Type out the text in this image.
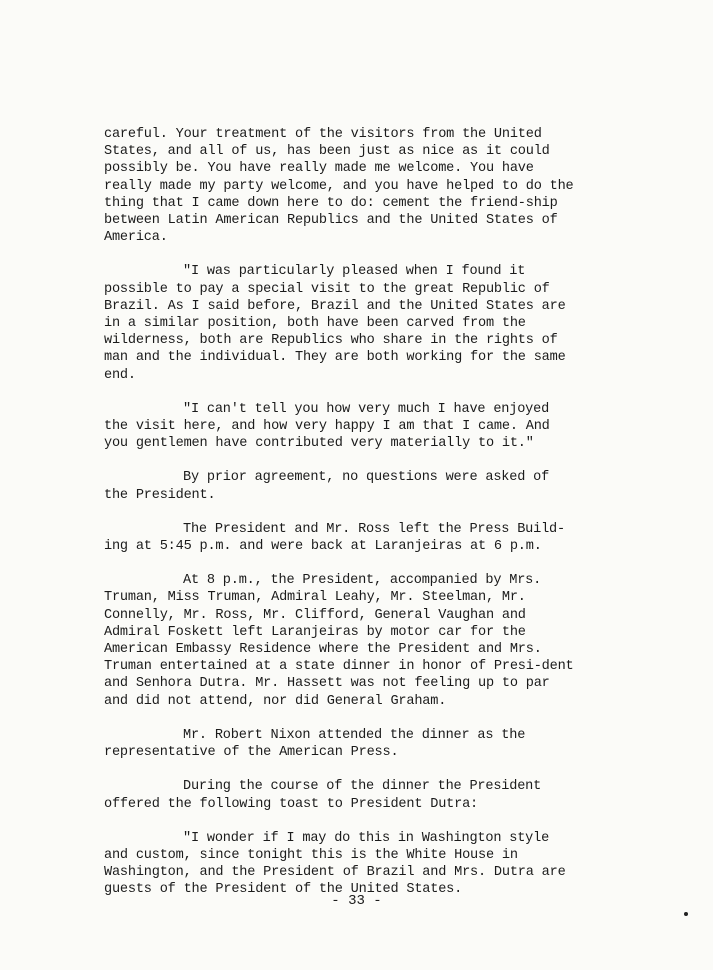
careful. Your treatment of the visitors from the United States, and all of us, has been just as nice as it could possibly be. You have really made me welcome. You have really made my party welcome, and you have helped to do the thing that I came down here to do: cement the friend-ship between Latin American Republics and the United States of America.

"I was particularly pleased when I found it possible to pay a special visit to the great Republic of Brazil. As I said before, Brazil and the United States are in a similar position, both have been carved from the wilderness, both are Republics who share in the rights of man and the individual. They are both working for the same end.

"I can't tell you how very much I have enjoyed the visit here, and how very happy I am that I came. And you gentlemen have contributed very materially to it."

By prior agreement, no questions were asked of the President.

The President and Mr. Ross left the Press Build-ing at 5:45 p.m. and were back at Laranjeiras at 6 p.m.

At 8 p.m., the President, accompanied by Mrs. Truman, Miss Truman, Admiral Leahy, Mr. Steelman, Mr. Connelly, Mr. Ross, Mr. Clifford, General Vaughan and Admiral Foskett left Laranjeiras by motor car for the American Embassy Residence where the President and Mrs. Truman entertained at a state dinner in honor of Presi-dent and Senhora Dutra. Mr. Hassett was not feeling up to par and did not attend, nor did General Graham.

Mr. Robert Nixon attended the dinner as the representative of the American Press.

During the course of the dinner the President offered the following toast to President Dutra:

"I wonder if I may do this in Washington style and custom, since tonight this is the White House in Washington, and the President of Brazil and Mrs. Dutra are guests of the President of the United States.

- 33 -
